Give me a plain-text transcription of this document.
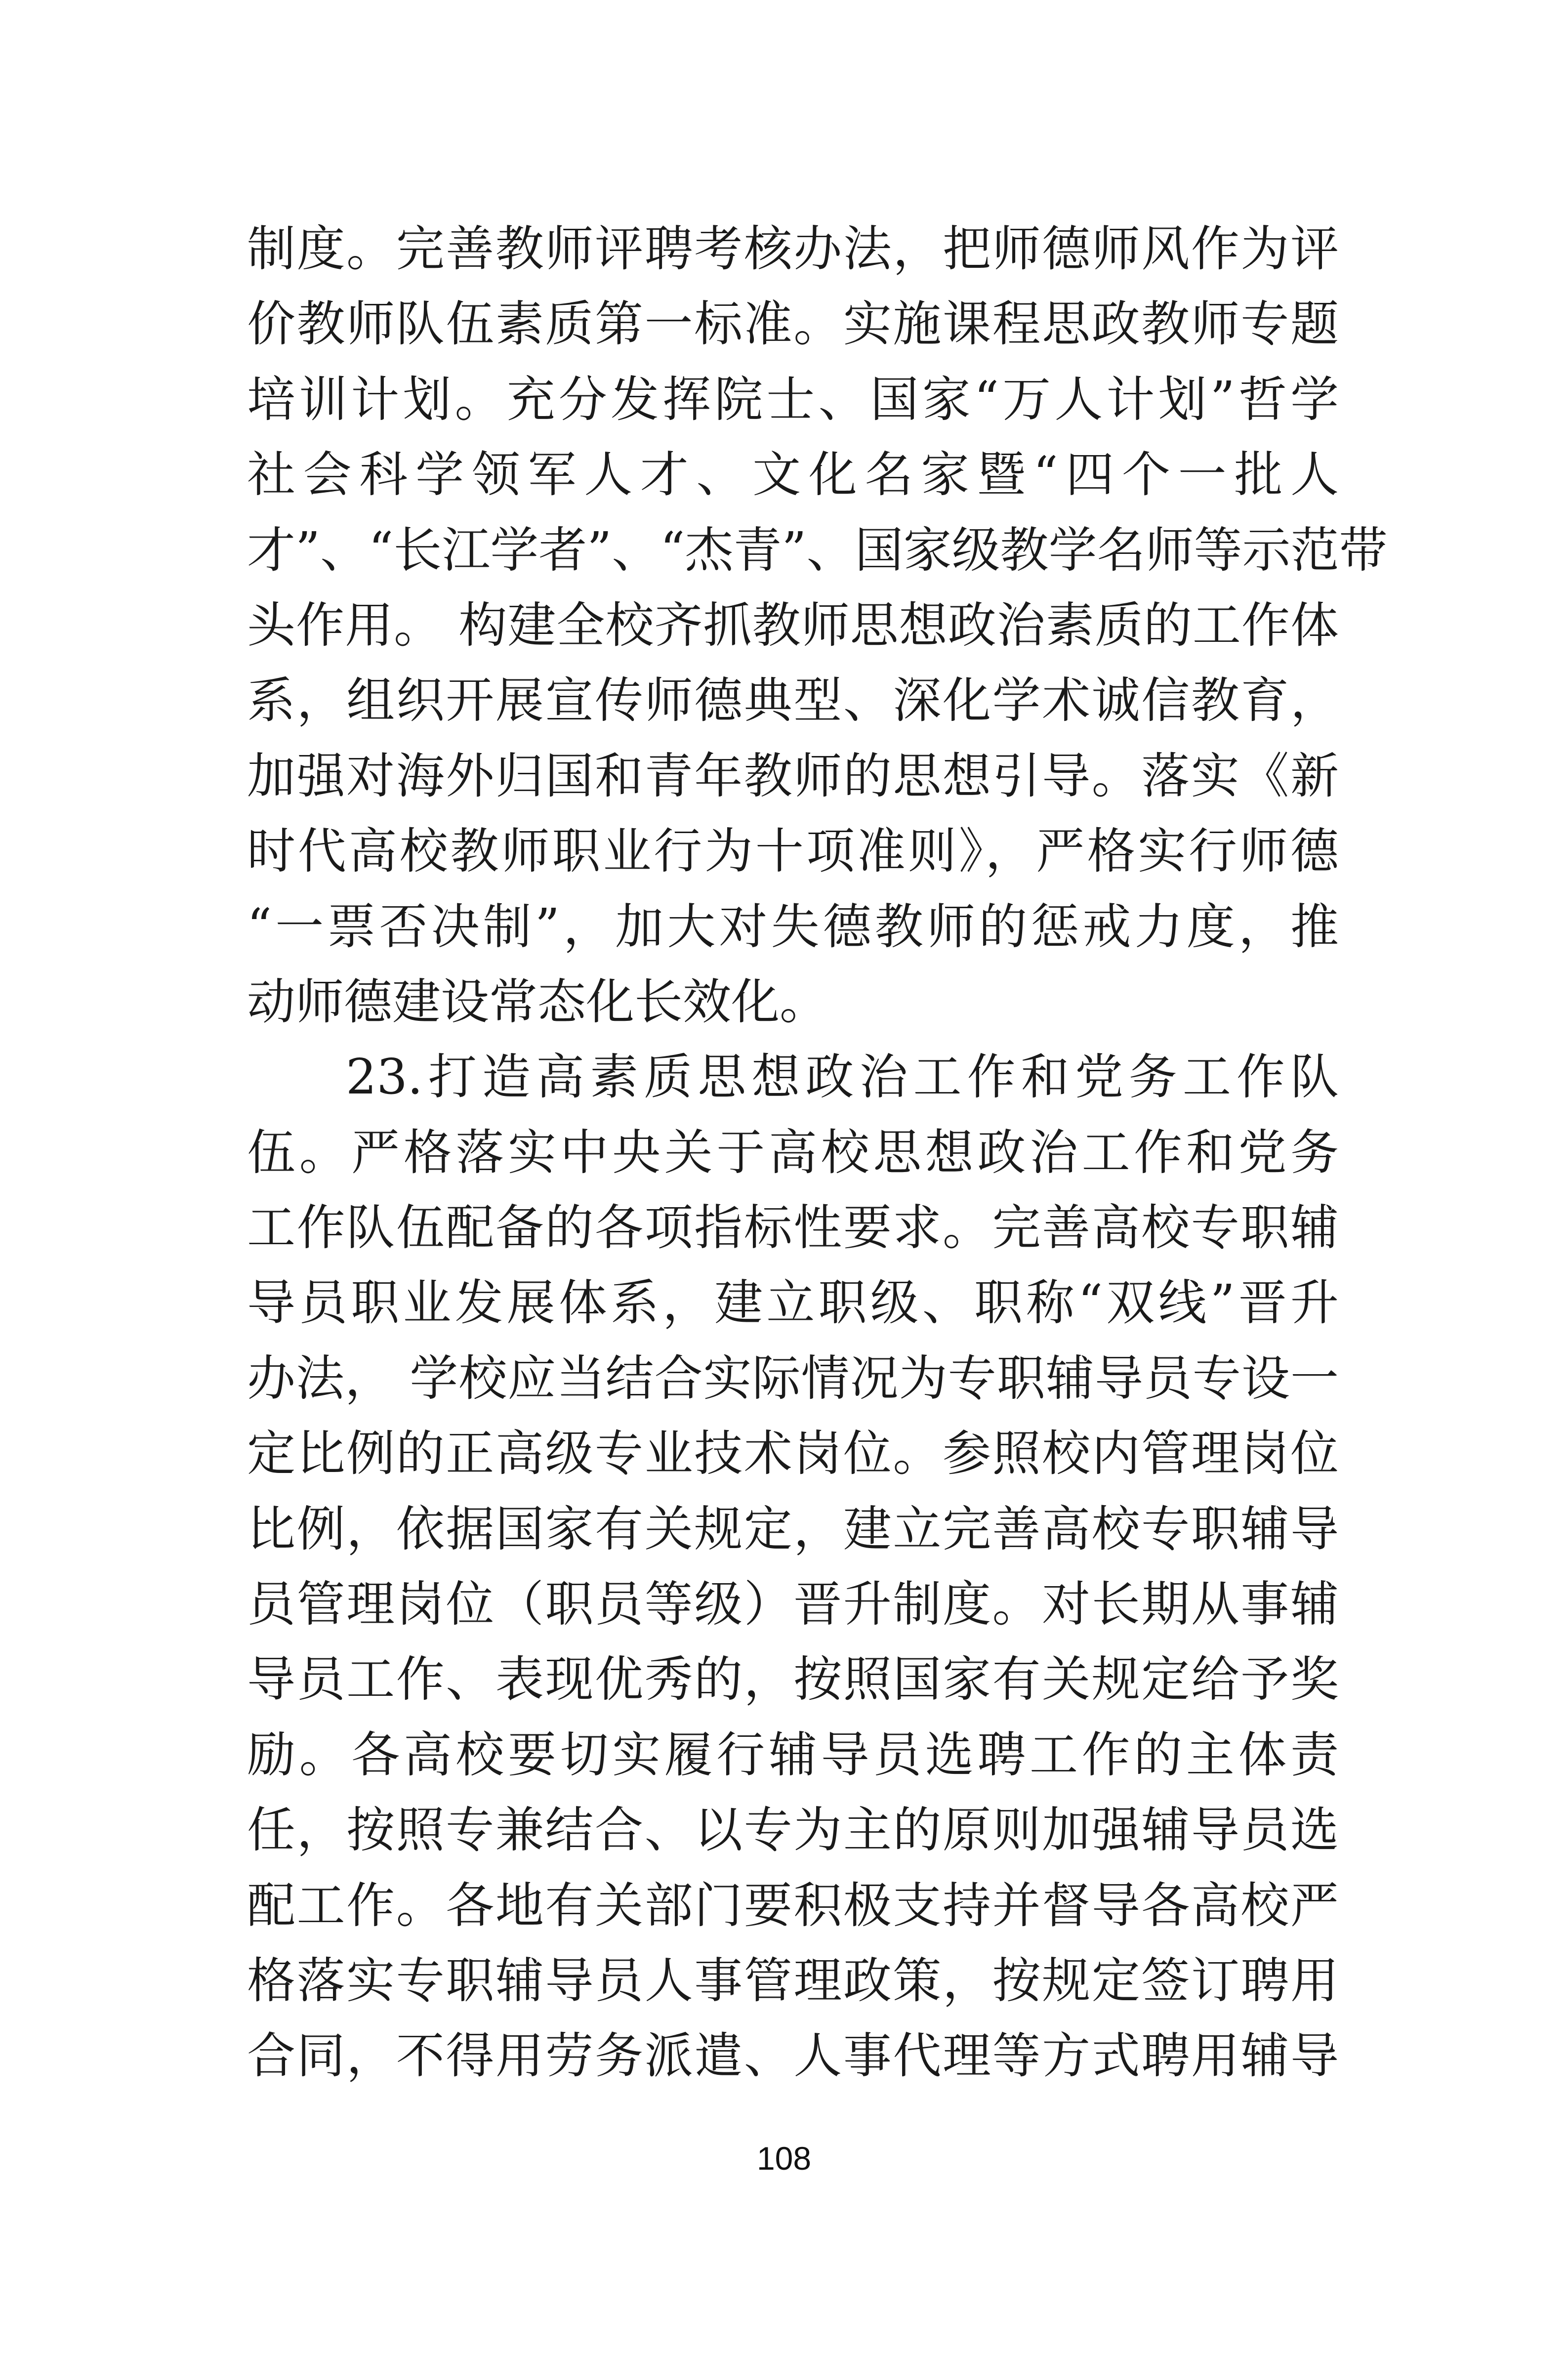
制度。完善教师评聘考核办法，把师德师风作为评
价教师队伍素质第一标准。实施课程思政教师专题
培训计划。充分发挥院士、国家“万人计划”哲学
社会科学领军人才、文化名家暨“四个一批人
才”、“长江学者”、“杰青”、国家级教学名师等示范带
头作用。 构建全校齐抓教师思想政治素质的工作体
系，组织开展宣传师德典型、深化学术诚信教育，
加强对海外归国和青年教师的思想引导。落实《新
时代高校教师职业行为十项准则》，严格实行师德
“一票否决制”，加大对失德教师的惩戒力度，推
动师德建设常态化长效化。
23.打造高素质思想政治工作和党务工作队
伍。严格落实中央关于高校思想政治工作和党务
工作队伍配备的各项指标性要求。完善高校专职辅
导员职业发展体系，建立职级、职称“双线”晋升
办法， 学校应当结合实际情况为专职辅导员专设一
定比例的正高级专业技术岗位。参照校内管理岗位
比例，依据国家有关规定，建立完善高校专职辅导
员管理岗位（职员等级）晋升制度。对长期从事辅
导员工作、表现优秀的，按照国家有关规定给予奖
励。各高校要切实履行辅导员选聘工作的主体责
任，按照专兼结合、以专为主的原则加强辅导员选
配工作。各地有关部门要积极支持并督导各高校严
格落实专职辅导员人事管理政策，按规定签订聘用
合同，不得用劳务派遣、人事代理等方式聘用辅导
108
